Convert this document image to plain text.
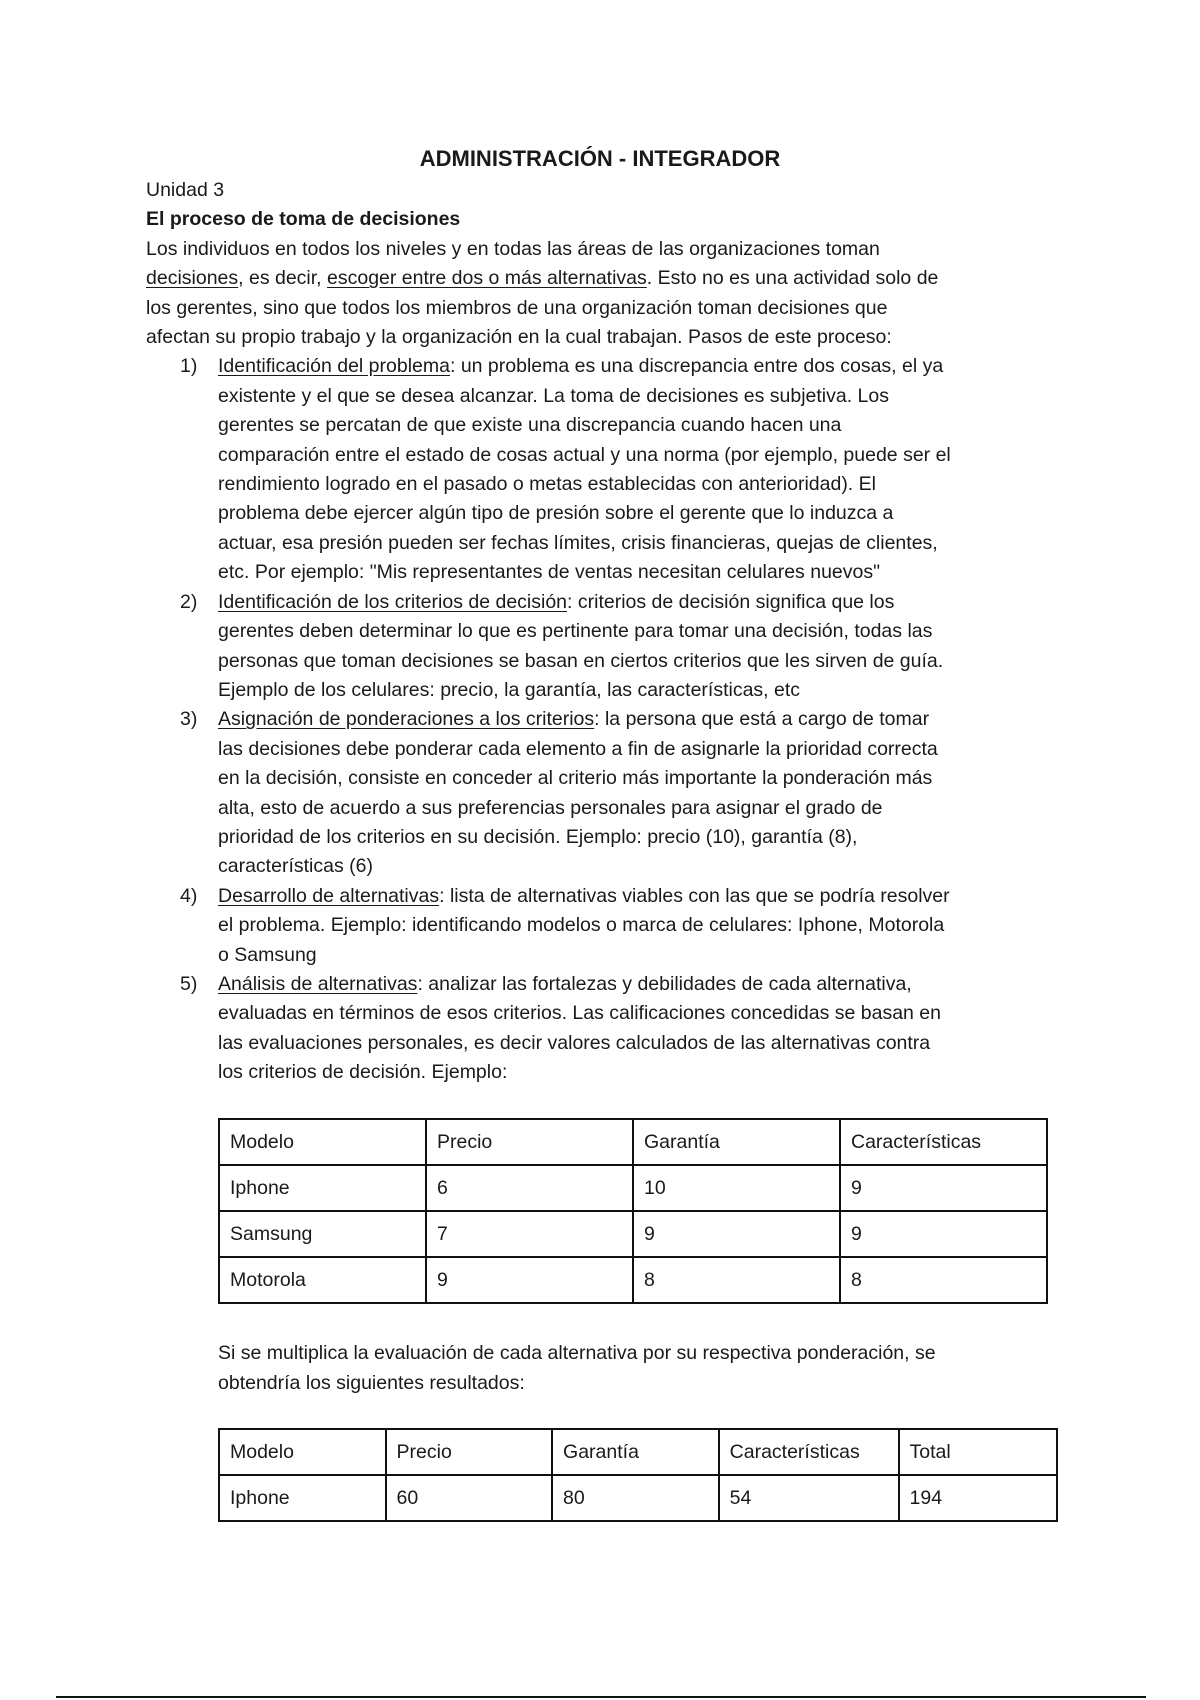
ADMINISTRACIÓN - INTEGRADOR
Unidad 3
El proceso de toma de decisiones
Los individuos en todos los niveles y en todas las áreas de las organizaciones toman
decisiones, es decir, escoger entre dos o más alternativas. Esto no es una actividad solo de
los gerentes, sino que todos los miembros de una organización toman decisiones que
afectan su propio trabajo y la organización en la cual trabajan. Pasos de este proceso:
1) Identificación del problema: un problema es una discrepancia entre dos cosas, el ya
existente y el que se desea alcanzar. La toma de decisiones es subjetiva. Los
gerentes se percatan de que existe una discrepancia cuando hacen una
comparación entre el estado de cosas actual y una norma (por ejemplo, puede ser el
rendimiento logrado en el pasado o metas establecidas con anterioridad). El
problema debe ejercer algún tipo de presión sobre el gerente que lo induzca a
actuar, esa presión pueden ser fechas límites, crisis financieras, quejas de clientes,
etc. Por ejemplo: "Mis representantes de ventas necesitan celulares nuevos"
2) Identificación de los criterios de decisión: criterios de decisión significa que los
gerentes deben determinar lo que es pertinente para tomar una decisión, todas las
personas que toman decisiones se basan en ciertos criterios que les sirven de guía.
Ejemplo de los celulares: precio, la garantía, las características, etc
3) Asignación de ponderaciones a los criterios: la persona que está a cargo de tomar
las decisiones debe ponderar cada elemento a fin de asignarle la prioridad correcta
en la decisión, consiste en conceder al criterio más importante la ponderación más
alta, esto de acuerdo a sus preferencias personales para asignar el grado de
prioridad de los criterios en su decisión. Ejemplo: precio (10), garantía (8),
características (6)
4) Desarrollo de alternativas: lista de alternativas viables con las que se podría resolver
el problema. Ejemplo: identificando modelos o marca de celulares: Iphone, Motorola
o Samsung
5) Análisis de alternativas: analizar las fortalezas y debilidades de cada alternativa,
evaluadas en términos de esos criterios. Las calificaciones concedidas se basan en
las evaluaciones personales, es decir valores calculados de las alternativas contra
los criterios de decisión. Ejemplo:
Modelo	Precio	Garantía	Características
Iphone	6	10	9
Samsung	7	9	9
Motorola	9	8	8
Si se multiplica la evaluación de cada alternativa por su respectiva ponderación, se
obtendría los siguientes resultados:
Modelo	Precio	Garantía	Características	Total
Iphone	60	80	54	194
